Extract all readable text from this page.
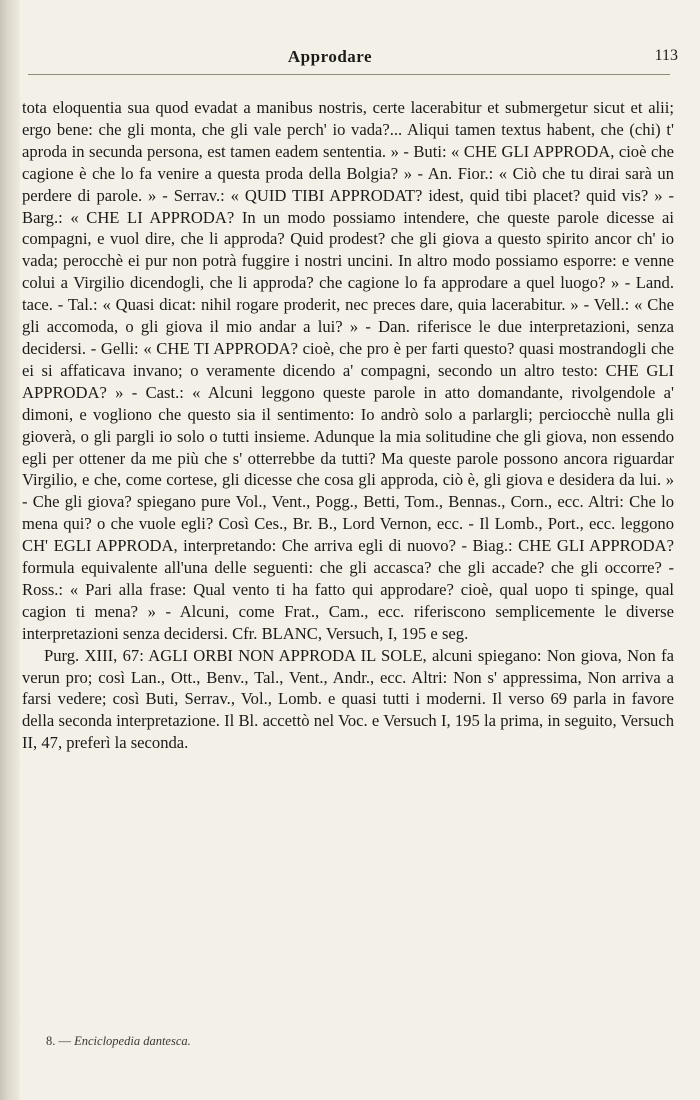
Approdare	113

tota eloquentia sua quod evadat a manibus nostris, certe lacerabitur et submergetur sicut et alii; ergo bene: che gli monta, che gli vale perch' io vada?... Aliqui tamen textus habent, che (chi) t' aproda in secunda persona, est tamen eadem sententia. » - Buti: « CHE GLI APPRODA, cioè che cagione è che lo fa venire a questa proda della Bolgia? » - An. Fior.: « Ciò che tu dirai sarà un perdere di parole. » - Serrav.: « QUID TIBI APPRODAT? idest, quid tibi placet? quid vis? » - Barg.: « CHE LI APPRODA? In un modo possiamo intendere, che queste parole dicesse ai compagni, e vuol dire, che li approda? Quid prodest? che gli giova a questo spirito ancor ch' io vada; perocchè ei pur non potrà fuggire i nostri uncini. In altro modo possiamo esporre: e venne colui a Virgilio dicendogli, che li approda? che cagione lo fa approdare a quel luogo? » - Land. tace. - Tal.: « Quasi dicat: nihil rogare proderit, nec preces dare, quia lacerabitur. » - Vell.: « Che gli accomoda, o gli giova il mio andar a lui? » - Dan. riferisce le due interpretazioni, senza decidersi. - Gelli: « CHE TI APPRODA? cioè, che pro è per farti questo? quasi mostrandogli che ei si affaticava invano; o veramente dicendo a' compagni, secondo un altro testo: CHE GLI APPRODA? » - Cast.: « Alcuni leggono queste parole in atto domandante, rivolgendole a' dimoni, e vogliono che questo sia il sentimento: Io andrò solo a parlargli; perciocchè nulla gli gioverà, o gli pargli io solo o tutti insieme. Adunque la mia solitudine che gli giova, non essendo egli per ottener da me più che s' otterrebbe da tutti? Ma queste parole possono ancora riguardar Virgilio, e che, come cortese, gli dicesse che cosa gli approda, ciò è, gli giova e desidera da lui. » - Che gli giova? spiegano pure Vol., Vent., Pogg., Betti, Tom., Bennas., Corn., ecc. Altri: Che lo mena qui? o che vuole egli? Così Ces., Br. B., Lord Vernon, ecc. - Il Lomb., Port., ecc. leggono CH' EGLI APPRODA, interpretando: Che arriva egli di nuovo? - Biag.: CHE GLI APPRODA? formula equivalente all'una delle seguenti: che gli accasca? che gli accade? che gli occorre? - Ross.: « Pari alla frase: Qual vento ti ha fatto qui approdare? cioè, qual uopo ti spinge, qual cagion ti mena? » - Alcuni, come Frat., Cam., ecc. riferiscono semplicemente le diverse interpretazioni senza decidersi. Cfr. BLANC, Versuch, I, 195 e seg.

Purg. XIII, 67: AGLI ORBI NON APPRODA IL SOLE, alcuni spiegano: Non giova, Non fa verun pro; così Lan., Ott., Benv., Tal., Vent., Andr., ecc. Altri: Non s' appressima, Non arriva a farsi vedere; così Buti, Serrav., Vol., Lomb. e quasi tutti i moderni. Il verso 69 parla in favore della seconda interpretazione. Il Bl. accettò nel Voc. e Versuch I, 195 la prima, in seguito, Versuch II, 47, preferì la seconda.

8. — Enciclopedia dantesca.
